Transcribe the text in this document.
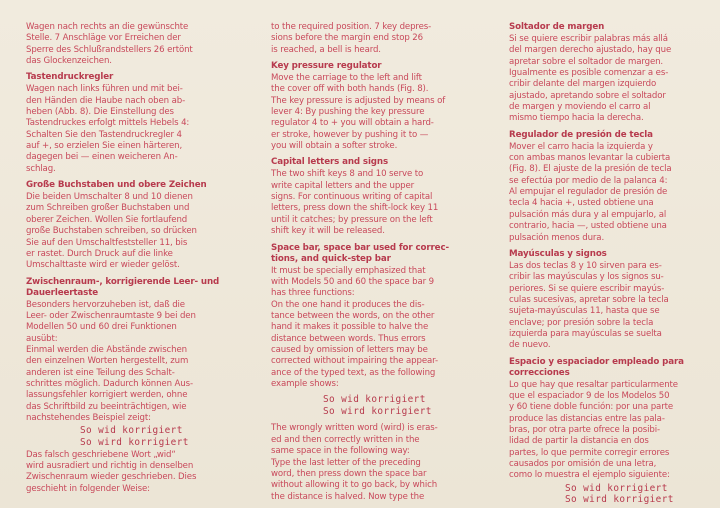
Wagen nach rechts an die gewünschte
Stelle. 7 Anschläge vor Erreichen der
Sperre des Schlußrandstellers 26 ertönt
das Glockenzeichen.

Tastendruckregler

Wagen nach links führen und mit bei-
den Händen die Haube nach oben ab-
heben (Abb. 8). Die Einstellung des
Tastendruckes erfolgt mittels Hebels 4:
Schalten Sie den Tastendruckregler 4
auf +, so erzielen Sie einen härteren,
dagegen bei — einen weicheren An-
schlag.

Große Buchstaben und obere Zeichen

Die beiden Umschalter 8 und 10 dienen
zum Schreiben großer Buchstaben und
oberer Zeichen. Wollen Sie fortlaufend
große Buchstaben schreiben, so drücken
Sie auf den Umschaltfeststeller 11, bis
er rastet. Durch Druck auf die linke
Umschalttaste wird er wieder gelöst.

Zwischenraum-, korrigierende Leer- und
Dauerleertaste

Besonders hervorzuheben ist, daß die
Leer- oder Zwischenraumtaste 9 bei den
Modellen 50 und 60 drei Funktionen
ausübt:
Einmal werden die Abstände zwischen
den einzelnen Worten hergestellt, zum
anderen ist eine Teilung des Schalt-
schrittes möglich. Dadurch können Aus-
lassungsfehler korrigiert werden, ohne
das Schriftbild zu beeinträchtigen, wie
nachstehendes Beispiel zeigt:

So wid korrigiert
So wird korrigiert

Das falsch geschriebene Wort „wid“
wird ausradiert und richtig in denselben
Zwischenraum wieder geschrieben. Dies
geschieht in folgender Weise:

to the required position. 7 key depres-
sions before the margin end stop 26
is reached, a bell is heard.

Key pressure regulator

Move the carriage to the left and lift
the cover off with both hands (Fig. 8).
The key pressure is adjusted by means of
lever 4: By pushing the key pressure
regulator 4 to + you will obtain a hard-
er stroke, however by pushing it to —
you will obtain a softer stroke.

Capital letters and signs

The two shift keys 8 and 10 serve to
write capital letters and the upper
signs. For continuous writing of capital
letters, press down the shift-lock key 11
until it catches; by pressure on the left
shift key it will be released.

Space bar, space bar used for correc-
tions, and quick-step bar

It must be specially emphasized that
with Models 50 and 60 the space bar 9
has three functions:
On the one hand it produces the dis-
tance between the words, on the other
hand it makes it possible to halve the
distance between words. Thus errors
caused by omission of letters may be
corrected without impairing the appear-
ance of the typed text, as the following
example shows:

So wid korrigiert
So wird korrigiert

The wrongly written word (wird) is eras-
ed and then correctly written in the
same space in the following way:
Type the last letter of the preceding
word, then press down the space bar
without allowing it to go back, by which
the distance is halved. Now type the

Soltador de margen

Si se quiere escribir palabras más allá
del margen derecho ajustado, hay que
apretar sobre el soltador de margen.
Igualmente es posible comenzar a es-
cribir delante del margen izquierdo
ajustado, apretando sobre el soltador
de margen y moviendo el carro al
mismo tiempo hacia la derecha.

Regulador de presión de tecla

Mover el carro hacia la izquierda y
con ambas manos levantar la cubierta
(Fig. 8). El ajuste de la presión de tecla
se efectúa por medio de la palanca 4:
Al empujar el regulador de presión de
tecla 4 hacia +, usted obtiene una
pulsación más dura y al empujarlo, al
contrario, hacia —, usted obtiene una
pulsación menos dura.

Mayúsculas y signos

Las dos teclas 8 y 10 sirven para es-
cribir las mayúsculas y los signos su-
periores. Si se quiere escribir mayús-
culas sucesivas, apretar sobre la tecla
sujeta-mayúsculas 11, hasta que se
enclave; por presión sobre la tecla
izquierda para mayúsculas se suelta
de nuevo.

Espacio y espaciador empleado para
correcciones

Lo que hay que resaltar particularmente
que el espaciador 9 de los Modelos 50
y 60 tiene doble función: por una parte
produce las distancias entre las pala-
bras, por otra parte ofrece la posibi-
lidad de partir la distancia en dos
partes, lo que permite corregir errores
causados por omisión de una letra,
como lo muestra el ejemplo siguiente:

So wid korrigiert
So wird korrigiert
